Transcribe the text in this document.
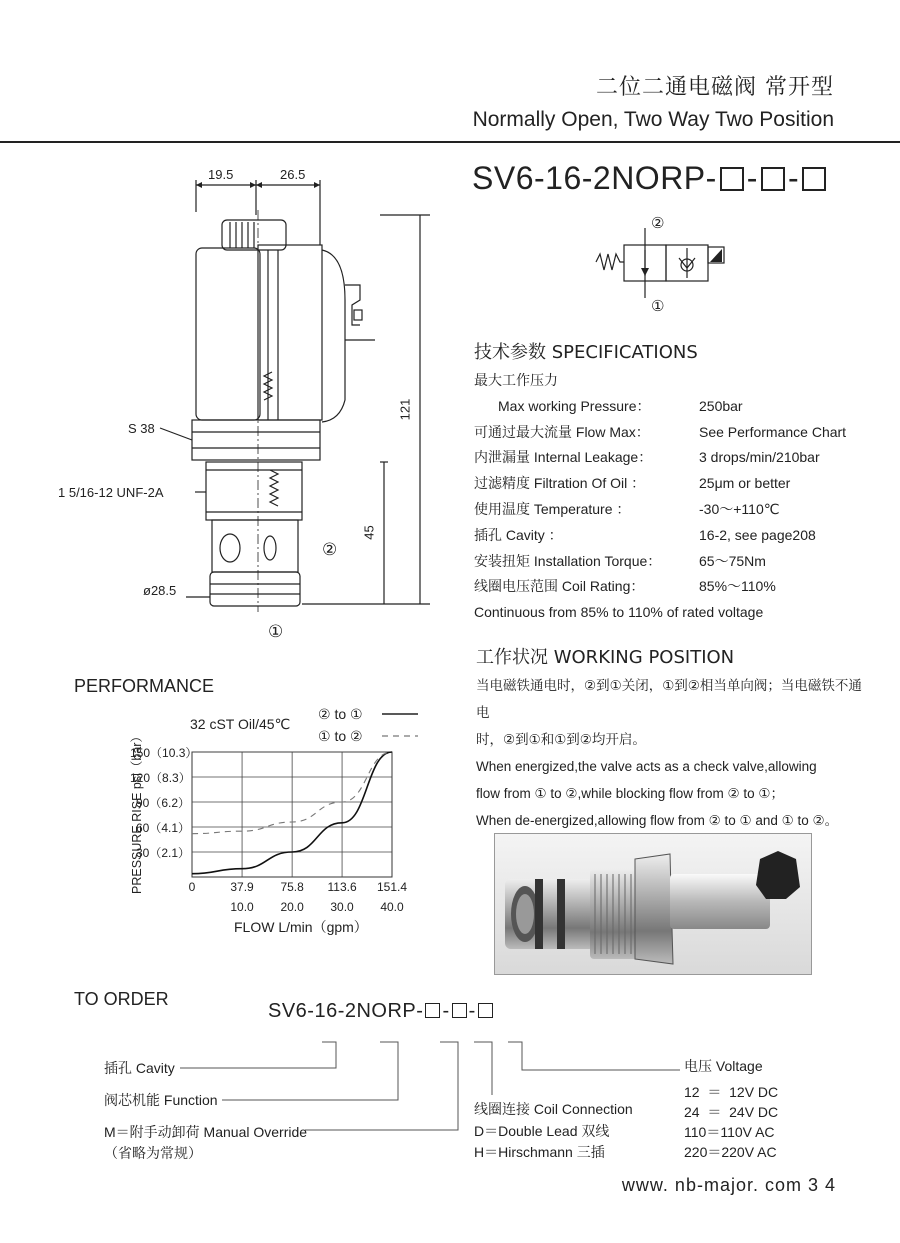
二位二通电磁阀 常开型
Normally Open, Two Way Two Position
SV6-16-2NORP- - -
19.5	26.5
121
45
S 38
1 5/16-12 UNF-2A
ø28.5
②
①
②
①
技术参数 SPECIFICATIONS
最大工作压力
Max working Pressure：	250bar
可通过最大流量 Flow Max：	See Performance Chart
内泄漏量 Internal Leakage：	3 drops/min/210bar
过滤精度 Filtration Of Oil ：	25μm or better
使用温度 Temperature ：	-30～+110℃
插孔 Cavity ：	16-2, see page208
安装扭矩 Installation Torque：	65～75Nm
线圈电压范围 Coil Rating：	85%～110%
Continuous from 85% to 110% of rated voltage
工作状况 WORKING POSITION
当电磁铁通电时，②到①关闭，①到②相当单向阀；当电磁铁不通电
时，②到①和①到②均开启。
When energized,the valve acts as a check valve,allowing
flow from ① to ②,while blocking flow from ② to ①；
When de-energized,allowing flow from ② to ① and ① to ②。
PERFORMANCE
32 cST Oil/45℃
② to ①
① to ②
PRESSURE RISE psi（bar）
FLOW L/min（gpm）
30（2.1）
60（4.1）
90（6.2）
120（8.3）
150（10.3）
0	37.9	75.8	113.6	151.4
10.0	20.0	30.0	40.0
TO ORDER
SV6-16-2NORP- - -
插孔 Cavity
阀芯机能 Function
M＝附手动卸荷 Manual Override
（省略为常规）
线圈连接 Coil Connection
D＝Double Lead 双线
H＝Hirschmann 三插
电压 Voltage
12  ＝  12V DC
24  ＝  24V DC
110＝110V AC
220＝220V AC
www. nb-major. com 3 4
